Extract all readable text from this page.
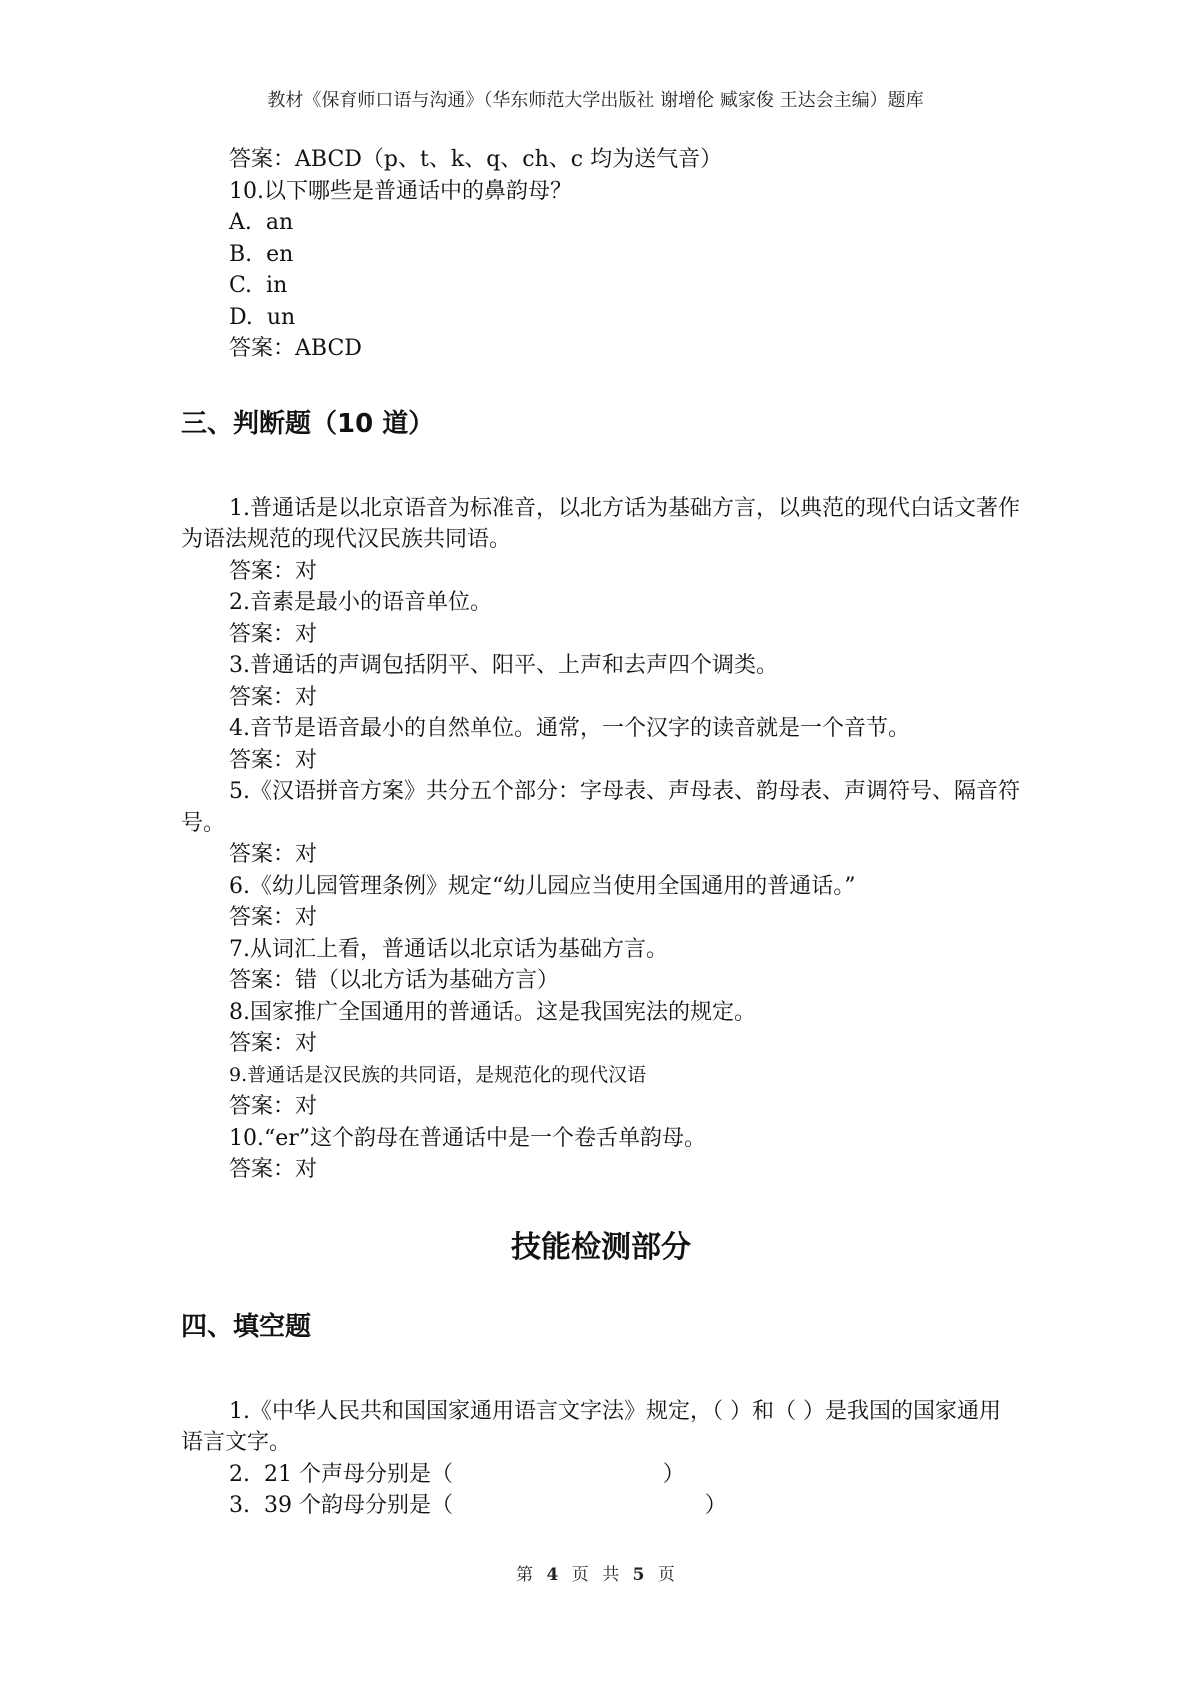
教材《保育师口语与沟通》（华东师范大学出版社 谢增伦 臧家俊 王达会主编）题库
答案：ABCD（p、t、k、q、ch、c 均为送气音）
10.以下哪些是普通话中的鼻韵母？
A.  an
B.  en
C.  in
D.  un
答案：ABCD
三、判断题（10 道）
1.普通话是以北京语音为标准音，以北方话为基础方言，以典范的现代白话文著作为语法规范的现代汉民族共同语。
答案：对
2.音素是最小的语音单位。
答案：对
3.普通话的声调包括阴平、阳平、上声和去声四个调类。
答案：对
4.音节是语音最小的自然单位。通常，一个汉字的读音就是一个音节。
答案：对
5.《汉语拼音方案》共分五个部分：字母表、声母表、韵母表、声调符号、隔音符号。
答案：对
6.《幼儿园管理条例》规定“幼儿园应当使用全国通用的普通话。”
答案：对
7.从词汇上看，普通话以北京话为基础方言。
答案：错（以北方话为基础方言）
8.国家推广全国通用的普通话。这是我国宪法的规定。
答案：对
9.普通话是汉民族的共同语，是规范化的现代汉语
答案：对
10.“er”这个韵母在普通话中是一个卷舌单韵母。
答案：对
技能检测部分
四、填空题
1.《中华人民共和国国家通用语言文字法》规定，（ ）和（ ）是我国的国家通用语言文字。
2.  21 个声母分别是（                              ）
3.  39 个韵母分别是（                                    ）
第 4 页 共 5 页
